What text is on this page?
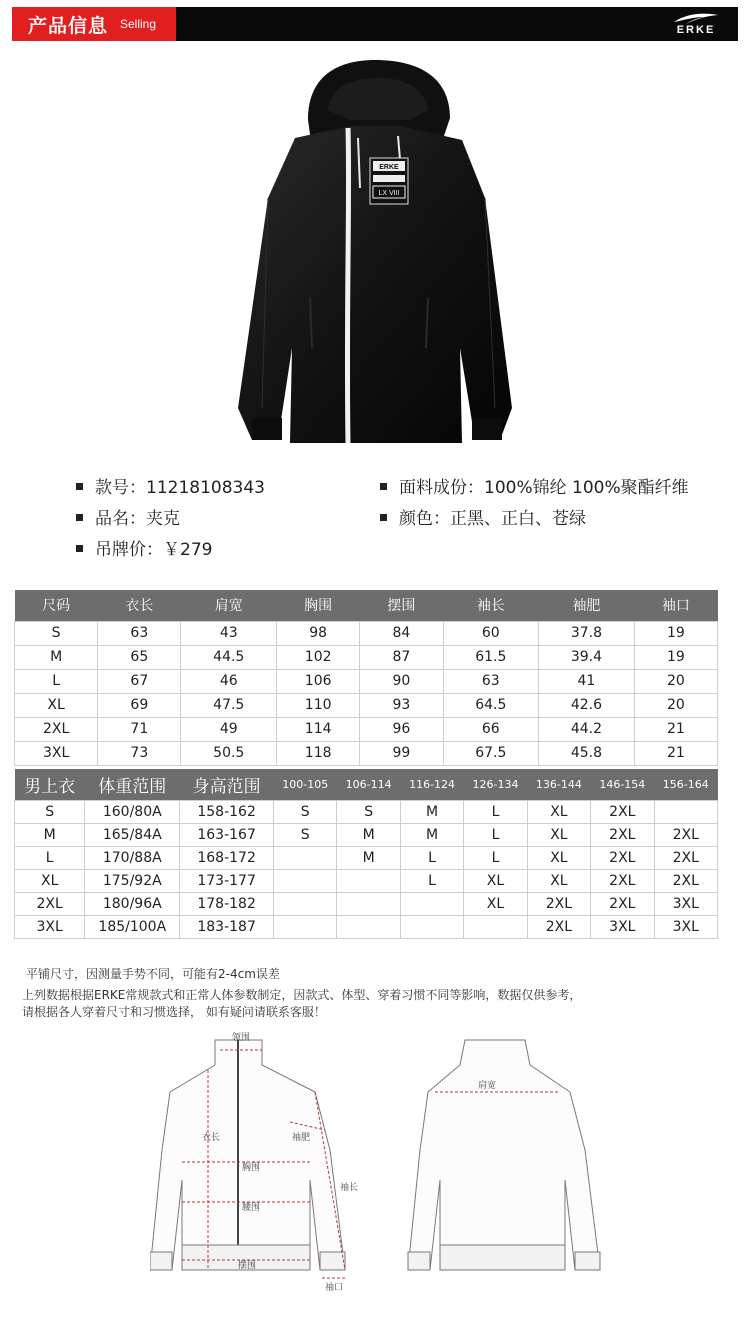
产品信息 Selling	ERKE
ERKE
LX VIII
款号：11218108343
品名：夹克
吊牌价：￥279
面料成份：100%锦纶 100%聚酯纤维
颜色：正黑、正白、苍绿
尺码	衣长	肩宽	胸围	摆围	袖长	袖肥	袖口
S	63	43	98	84	60	37.8	19
M	65	44.5	102	87	61.5	39.4	19
L	67	46	106	90	63	41	20
XL	69	47.5	110	93	64.5	42.6	20
2XL	71	49	114	96	66	44.2	21
3XL	73	50.5	118	99	67.5	45.8	21
男上衣	体重范围	身高范围	100-105	106-114	116-124	126-134	136-144	146-154	156-164
S	160/80A	158-162	S	S	M	L	XL	2XL	
M	165/84A	163-167	S	M	M	L	XL	2XL	2XL
L	170/88A	168-172		M	L	L	XL	2XL	2XL
XL	175/92A	173-177			L	XL	XL	2XL	2XL
2XL	180/96A	178-182				XL	2XL	2XL	3XL
3XL	185/100A	183-187					2XL	3XL	3XL
平铺尺寸，因测量手势不同，可能有2-4cm误差
上列数据根据ERKE常规款式和正常人体参数制定，因款式、体型、穿着习惯不同等影响，数据仅供参考，
请根据各人穿着尺寸和习惯选择， 如有疑问请联系客服！
领围
衣长	袖肥
胸围
腰围
摆围
袖长
袖口
肩宽
